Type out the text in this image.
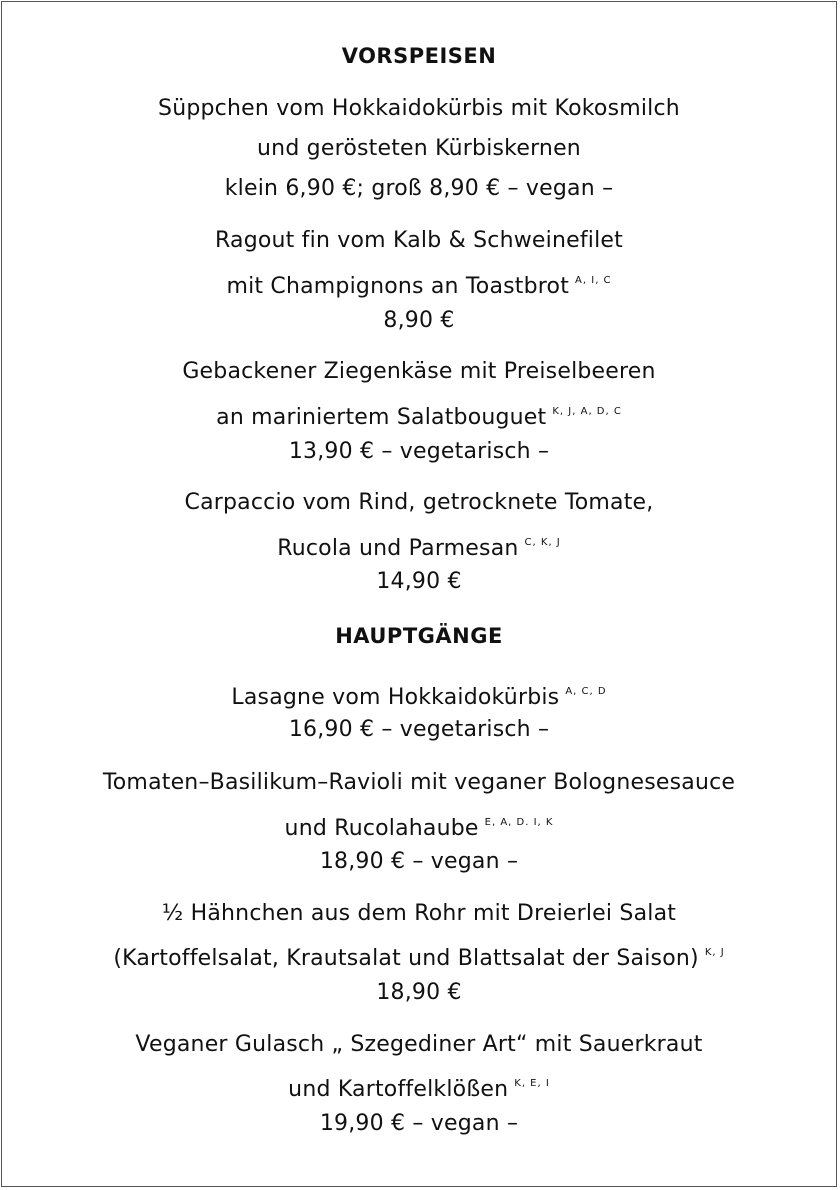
VORSPEISEN
Süppchen vom Hokkaidokürbis mit Kokosmilch
und gerösteten Kürbiskernen
klein 6,90 €; groß 8,90 € – vegan –
Ragout fin vom Kalb & Schweinefilet
mit Champignons an Toastbrot $^{A, I, C}$
8,90 €
Gebackener Ziegenkäse mit Preiselbeeren
an mariniertem Salatbouguet $^{K, J, A, D, C}$
13,90 € – vegetarisch –
Carpaccio vom Rind, getrocknete Tomate,
Rucola und Parmesan $^{C, K, J}$
14,90 €
HAUPTGÄNGE
Lasagne vom Hokkaidokürbis $^{A, C, D}$
16,90 € – vegetarisch –
Tomaten–Basilikum–Ravioli mit veganer Bolognesesauce
und Rucolahaube $^{E, A, D. I, K}$
18,90 € – vegan –
½ Hähnchen aus dem Rohr mit Dreierlei Salat
(Kartoffelsalat, Krautsalat und Blattsalat der Saison) $^{K, J}$
18,90 €
Veganer Gulasch „ Szegediner Art“ mit Sauerkraut
und Kartoffelklößen $^{K, E, I}$
19,90 € – vegan –
